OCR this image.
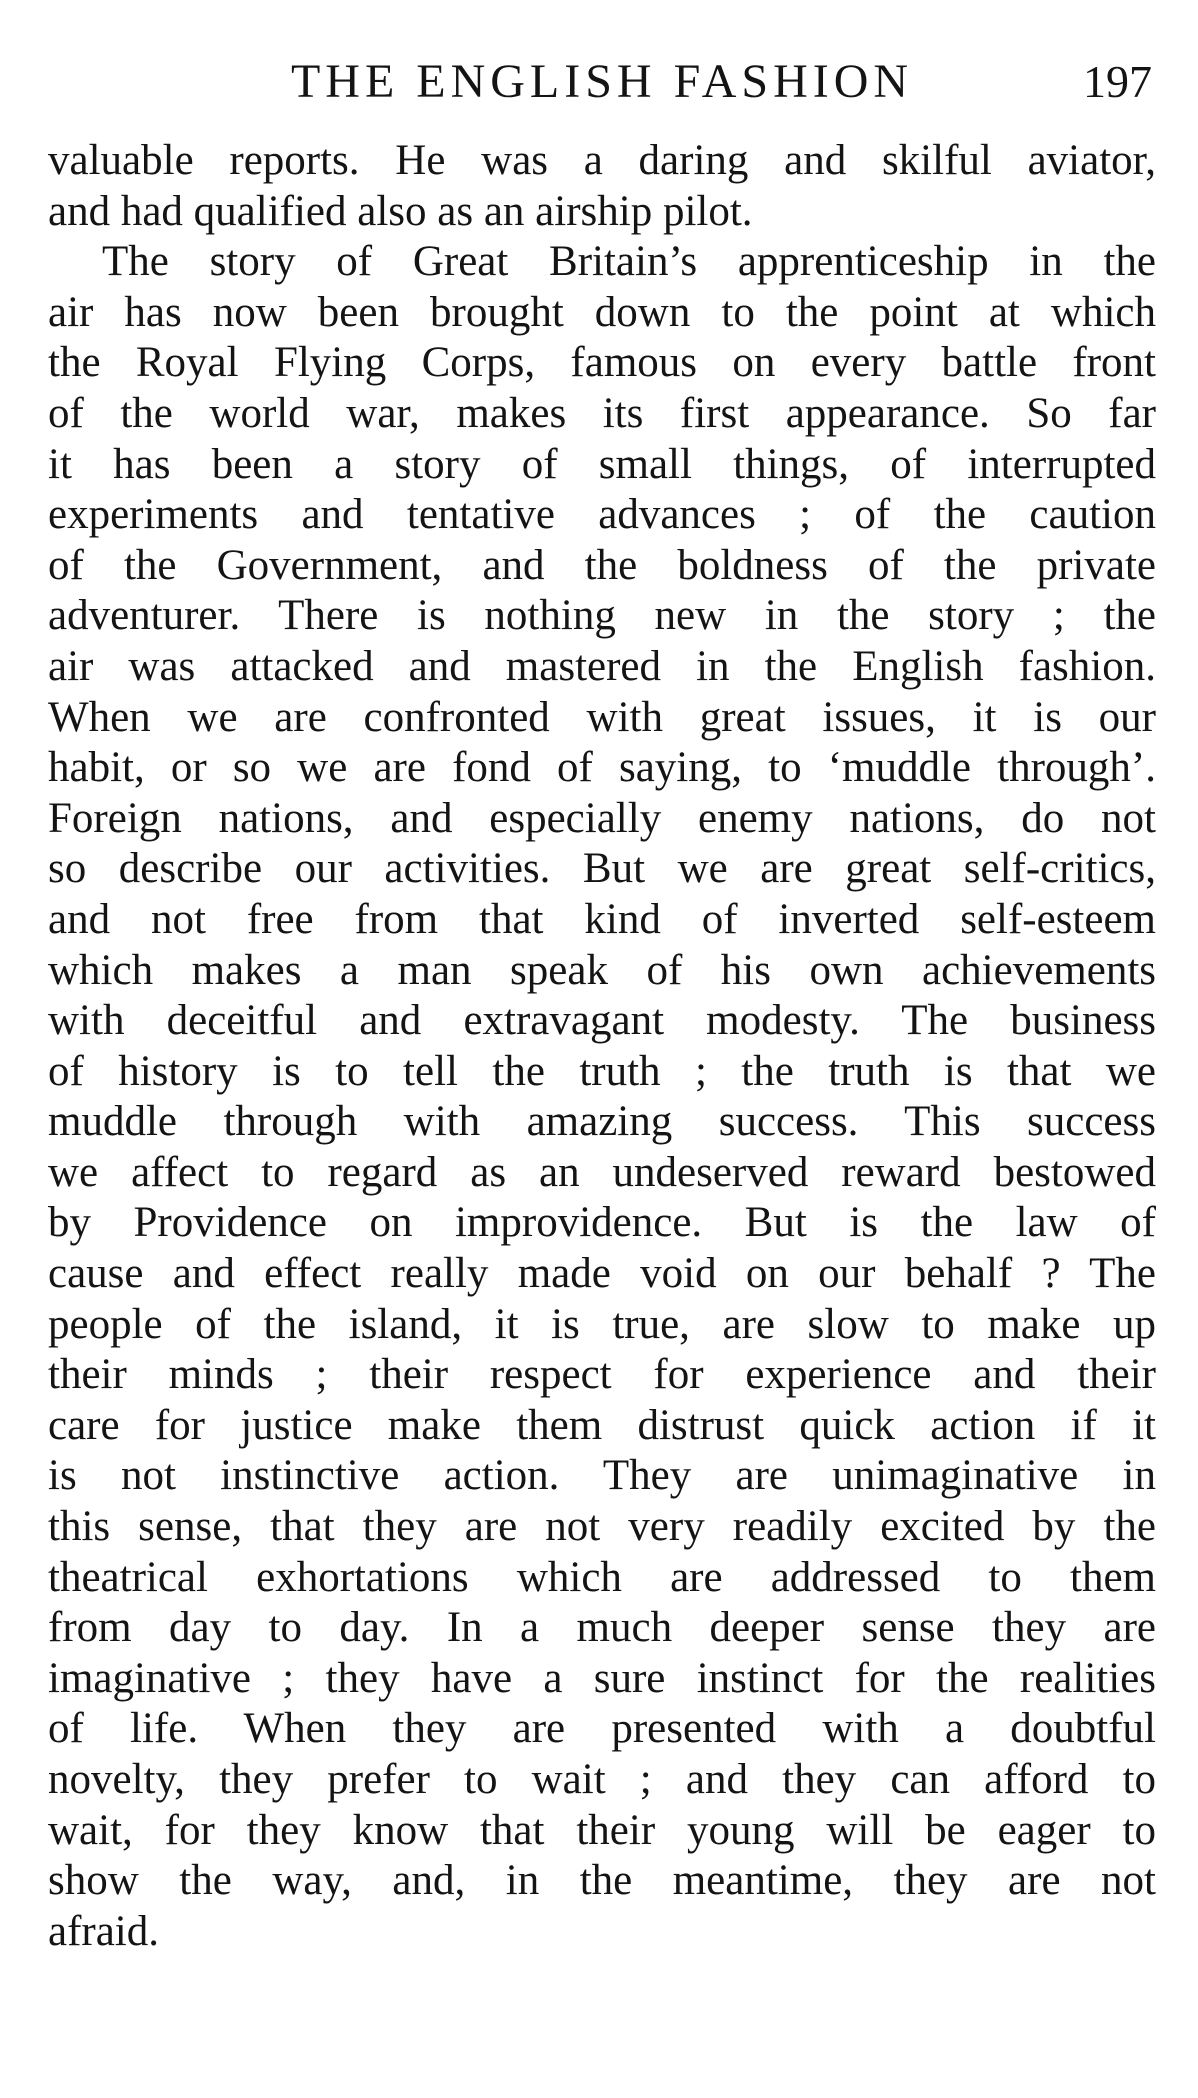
THE ENGLISH FASHION	197
valuable reports. He was a daring and skilful aviator,
and had qualified also as an airship pilot.
The story of Great Britain’s apprenticeship in the
air has now been brought down to the point at which
the Royal Flying Corps, famous on every battle front
of the world war, makes its first appearance. So far
it has been a story of small things, of interrupted
experiments and tentative advances ; of the caution
of the Government, and the boldness of the private
adventurer. There is nothing new in the story ; the
air was attacked and mastered in the English fashion.
When we are confronted with great issues, it is our
habit, or so we are fond of saying, to ‘muddle through’.
Foreign nations, and especially enemy nations, do not
so describe our activities. But we are great self-critics,
and not free from that kind of inverted self-esteem
which makes a man speak of his own achievements
with deceitful and extravagant modesty. The business
of history is to tell the truth ; the truth is that we
muddle through with amazing success. This success
we affect to regard as an undeserved reward bestowed
by Providence on improvidence. But is the law of
cause and effect really made void on our behalf ? The
people of the island, it is true, are slow to make up
their minds ; their respect for experience and their
care for justice make them distrust quick action if it
is not instinctive action. They are unimaginative in
this sense, that they are not very readily excited by the
theatrical exhortations which are addressed to them
from day to day. In a much deeper sense they are
imaginative ; they have a sure instinct for the realities
of life. When they are presented with a doubtful
novelty, they prefer to wait ; and they can afford to
wait, for they know that their young will be eager to
show the way, and, in the meantime, they are not
afraid.
